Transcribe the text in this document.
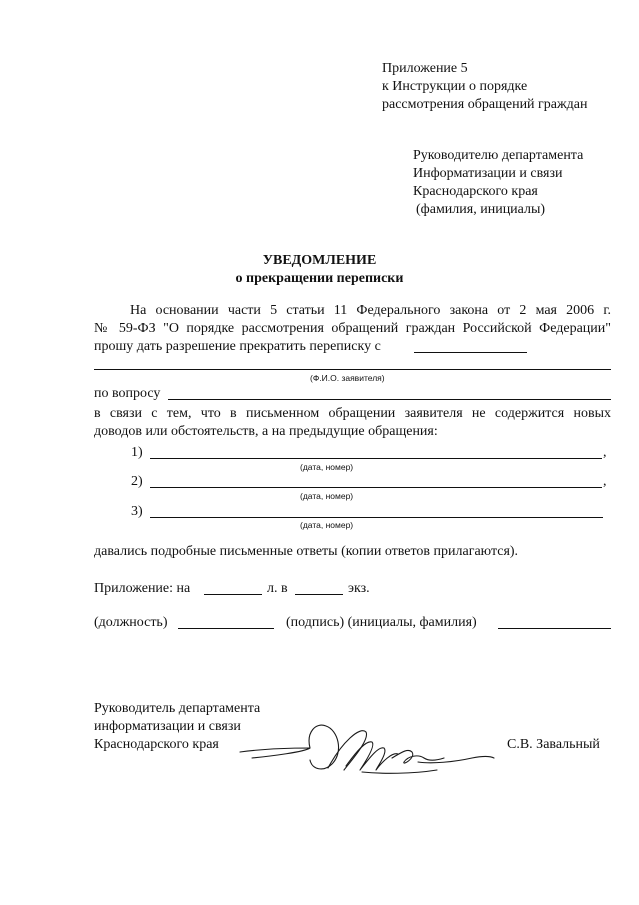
Приложение 5
к Инструкции о порядке
рассмотрения обращений граждан
Руководителю департамента
Информатизации и связи
Краснодарского края
(фамилия, инициалы)
УВЕДОМЛЕНИЕ
о прекращении переписки
На основании части 5 статьи 11 Федерального закона от 2 мая 2006 г.
№ 59-ФЗ "О порядке рассмотрения обращений граждан Российской Федерации"
прошу дать разрешение прекратить переписку с
(Ф.И.О. заявителя)
по вопросу
в связи с тем, что в письменном обращении заявителя не содержится новых
доводов или обстоятельств, а на предыдущие обращения:
1)	,
(дата, номер)
2)	,
(дата, номер)
3)
(дата, номер)
давались подробные письменные ответы (копии ответов прилагаются).
Приложение: на	л. в	экз.
(должность)	(подпись) (инициалы, фамилия)
Руководитель департамента
информатизации и связи
Краснодарского края	С.В. Завальный
